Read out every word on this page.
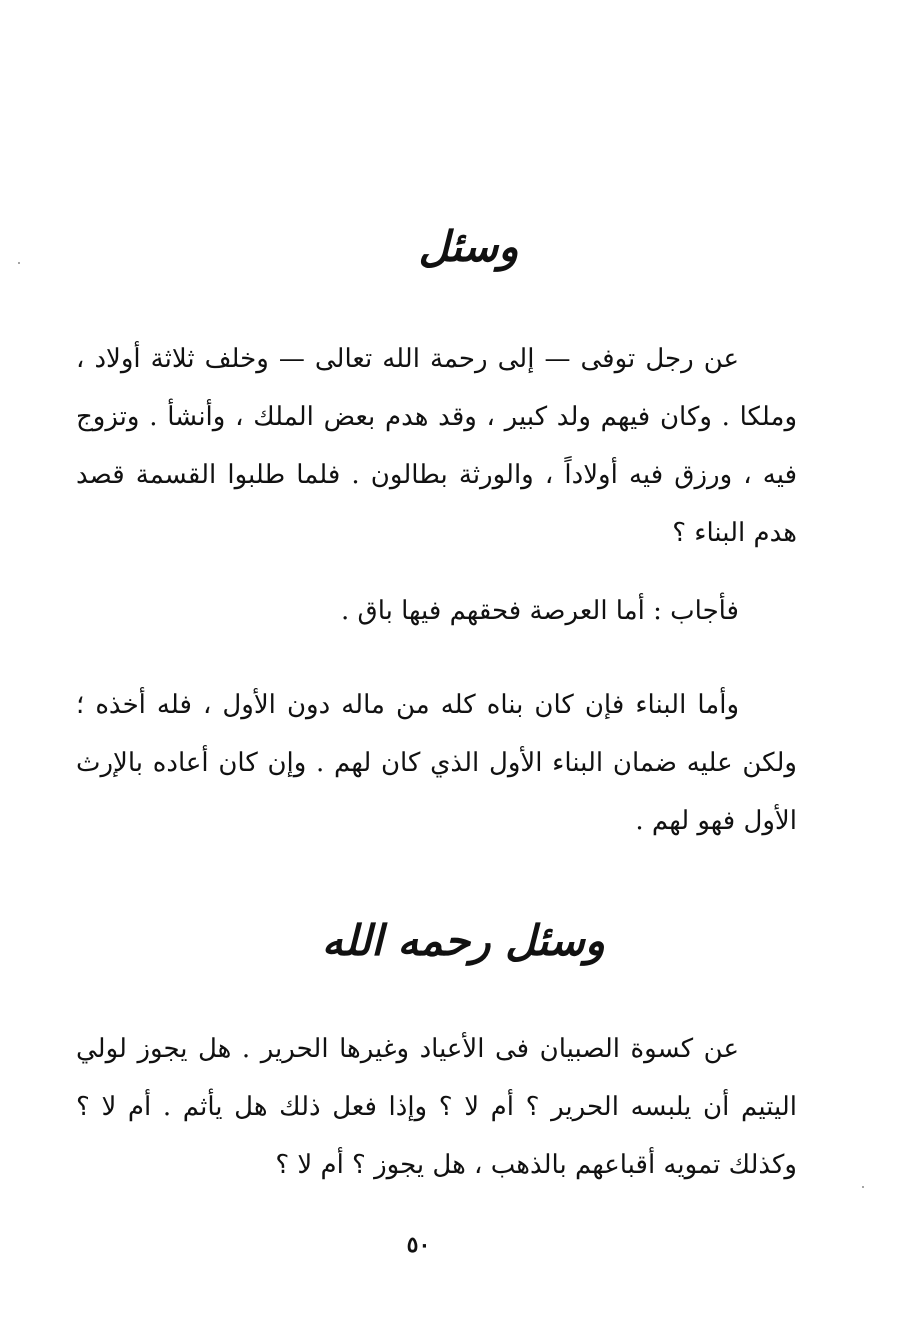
وسئل

عن رجل توفى — إلى رحمة الله تعالى — وخلف ثلاثة أولاد ، وملكا . وكان فيهم ولد كبير ، وقد هدم بعض الملك ، وأنشأ . وتزوج فيه ، ورزق فيه أولاداً ، والورثة بطالون . فلما طلبوا القسمة قصد هدم البناء ؟

فأجاب : أما العرصة فحقهم فيها باق .

وأما البناء فإن كان بناه كله من ماله دون الأول ، فله أخذه ؛ ولكن عليه ضمان البناء الأول الذي كان لهم . وإن كان أعاده بالإرث الأول فهو لهم .

وسئل رحمه الله

عن كسوة الصبيان فى الأعياد وغيرها الحرير . هل يجوز لولي اليتيم أن يلبسه الحرير ؟ أم لا ؟ وإذا فعل ذلك هل يأثم . أم لا ؟ وكذلك تمويه أقباعهم بالذهب ، هل يجوز ؟ أم لا ؟

٥٠
